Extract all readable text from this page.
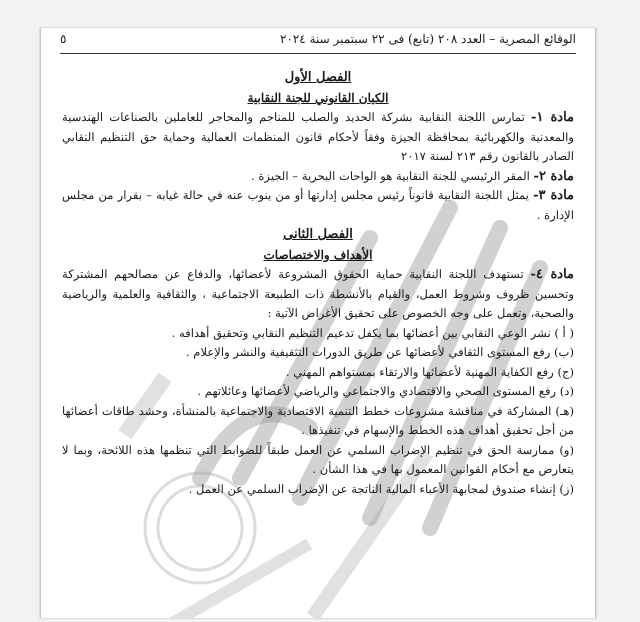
الوقائع المصرية – العدد ٢٠٨ (تابع) فى ٢٢ سبتمبر سنة ٢٠٢٤
٥
الفصل الأول
الكيان القانوني للجنة النقابية

مادة ١- تمارس اللجنة النقابية بشركة الحديد والصلب للمناجم والمحاجر للعاملين بالصناعات الهندسية والمعدنية والكهربائية بمحافظة الجيزة وفقاً لأحكام قانون المنظمات العمالية وحماية حق التنظيم النقابي الصادر بالقانون رقم ٢١٣ لسنة ٢٠١٧

مادة ٢- المقر الرئيسي للجنة النقابية هو الواحات البحرية – الجيزة .

مادة ٣- يمثل اللجنة النقابية قانوناً رئيس مجلس إدارتها أو من ينوب عنه في حالة غيابه – بقرار من مجلس الإدارة .

الفصل الثانى
الأهداف والاختصاصات

مادة ٤- تستهدف اللجنة النقابية حماية الحقوق المشروعة لأعضائها، والدفاع عن مصالحهم المشتركة وتحسين ظروف وشروط العمل، والقيام بالأنشطة ذات الطبيعة الاجتماعية ، والثقافية والعلمية والرياضية والصحية، وتعمل على وجه الخصوص على تحقيق الأغراض الآتية :

( أ ) نشر الوعي النقابي بين أعضائها بما يكفل تدعيم التنظيم النقابي وتحقيق أهدافه .

(ب) رفع المستوى الثقافي لأعضائها عن طريق الدورات التثقيفية والنشر والإعلام .

(ج) رفع الكفاية المهنية لأعضائها والارتقاء بمستواهم المهني .

(د) رفع المستوى الصحي والاقتصادي والاجتماعي والرياضي لأعضائها وعائلاتهم .

(هـ) المشاركة في مناقشة مشروعات خطط التنمية الاقتصادية والاجتماعية بالمنشأة، وحشد طاقات أعضائها من أجل تحقيق أهداف هذه الخطط والإسهام في تنفيذها .

(و) ممارسة الحق في تنظيم الإضراب السلمي عن العمل طبقاً للضوابط التي تنظمها هذه اللائحة، وبما لا يتعارض مع أحكام القوانين المعمول بها في هذا الشأن .

(ز) إنشاء صندوق لمجابهة الأعباء المالية الناتجة عن الإضراب السلمي عن العمل .
